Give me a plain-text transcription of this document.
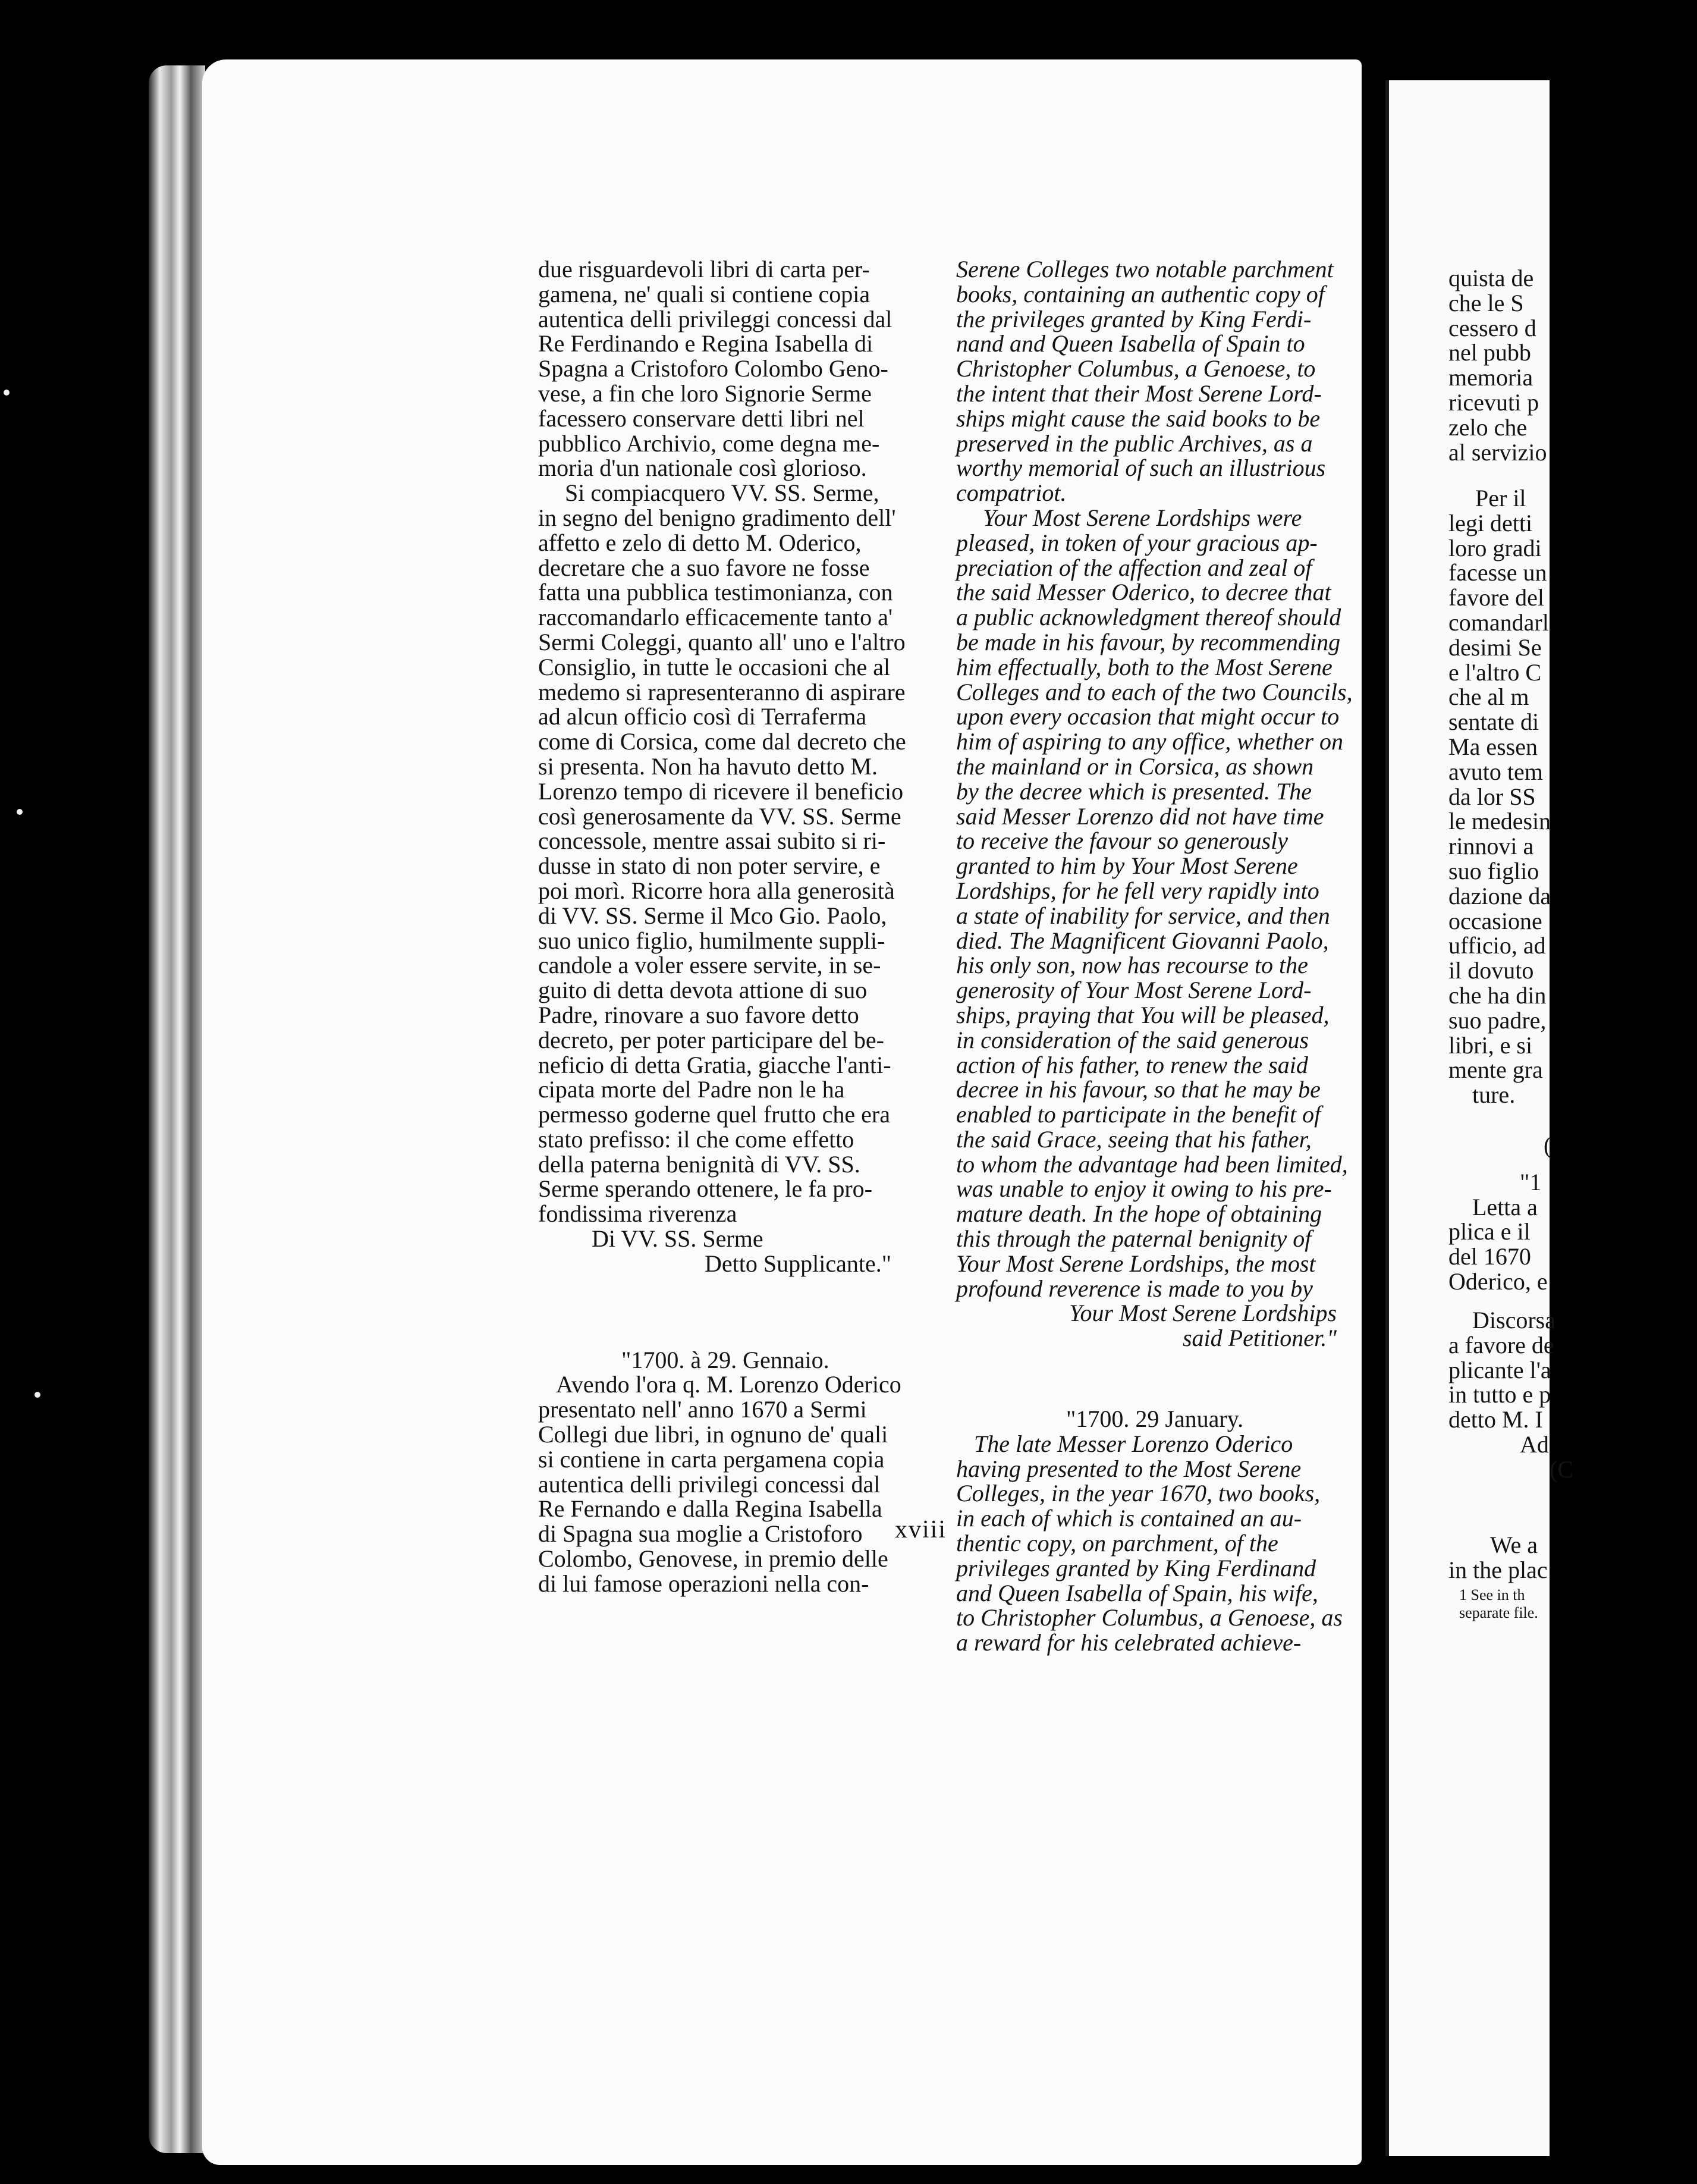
due risguardevoli libri di carta per-

gamena, ne' quali si contiene copia

autentica delli privileggi concessi dal

Re Ferdinando e Regina Isabella di

Spagna a Cristoforo Colombo Geno-

vese, a fin che loro Signorie Serme

facessero conservare detti libri nel

pubblico Archivio, come degna me-

moria d'un nationale così glorioso.

Si compiacquero VV. SS. Serme,

in segno del benigno gradimento dell'

affetto e zelo di detto M. Oderico,

decretare che a suo favore ne fosse

fatta una pubblica testimonianza, con

raccomandarlo efficacemente tanto a'

Sermi Coleggi, quanto all' uno e l'altro

Consiglio, in tutte le occasioni che al

medemo si rapresenteranno di aspirare

ad alcun officio così di Terraferma

come di Corsica, come dal decreto che

si presenta. Non ha havuto detto M.

Lorenzo tempo di ricevere il beneficio

così generosamente da VV. SS. Serme

concessole, mentre assai subito si ri-

dusse in stato di non poter servire, e

poi morì. Ricorre hora alla generosità

di VV. SS. Serme il Mco Gio. Paolo,

suo unico figlio, humilmente suppli-

candole a voler essere servite, in se-

guito di detta devota attione di suo

Padre, rinovare a suo favore detto

decreto, per poter participare del be-

neficio di detta Gratia, giacche l'anti-

cipata morte del Padre non le ha

permesso goderne quel frutto che era

stato prefisso: il che come effetto

della paterna benignità di VV. SS.

Serme sperando ottenere, le fa pro-

fondissima riverenza

Di VV. SS. Serme

Detto Supplicante."

"1700. à 29. Gennaio.

Avendo l'ora q. M. Lorenzo Oderico

presentato nell' anno 1670 a Sermi

Collegi due libri, in ognuno de' quali

si contiene in carta pergamena copia

autentica delli privilegi concessi dal

Re Fernando e dalla Regina Isabella

di Spagna sua moglie a Cristoforo

Colombo, Genovese, in premio delle

di lui famose operazioni nella con-

Serene Colleges two notable parchment

books, containing an authentic copy of

the privileges granted by King Ferdi-

nand and Queen Isabella of Spain to

Christopher Columbus, a Genoese, to

the intent that their Most Serene Lord-

ships might cause the said books to be

preserved in the public Archives, as a

worthy memorial of such an illustrious

compatriot.

Your Most Serene Lordships were

pleased, in token of your gracious ap-

preciation of the affection and zeal of

the said Messer Oderico, to decree that

a public acknowledgment thereof should

be made in his favour, by recommending

him effectually, both to the Most Serene

Colleges and to each of the two Councils,

upon every occasion that might occur to

him of aspiring to any office, whether on

the mainland or in Corsica, as shown

by the decree which is presented. The

said Messer Lorenzo did not have time

to receive the favour so generously

granted to him by Your Most Serene

Lordships, for he fell very rapidly into

a state of inability for service, and then

died. The Magnificent Giovanni Paolo,

his only son, now has recourse to the

generosity of Your Most Serene Lord-

ships, praying that You will be pleased,

in consideration of the said generous

action of his father, to renew the said

decree in his favour, so that he may be

enabled to participate in the benefit of

the said Grace, seeing that his father,

to whom the advantage had been limited,

was unable to enjoy it owing to his pre-

mature death. In the hope of obtaining

this through the paternal benignity of

Your Most Serene Lordships, the most

profound reverence is made to you by

Your Most Serene Lordships

said Petitioner."

"1700. 29 January.

The late Messer Lorenzo Oderico

having presented to the Most Serene

Colleges, in the year 1670, two books,

in each of which is contained an au-

thentic copy, on parchment, of the

privileges granted by King Ferdinand

and Queen Isabella of Spain, his wife,

to Christopher Columbus, a Genoese, as

a reward for his celebrated achieve-

xviii

quista de

che le S

cessero d

nel pubb

memoria

ricevuti p

zelo che

al servizio

Per il

legi detti

loro gradi

facesse un

favore del

comandarl

desimi Se

e l'altro C

che al m

sentate di

Ma essen

avuto tem

da lor SS

le medesin

rinnovi a

suo figlio

dazione da

occasione

ufficio, ad

il dovuto

che ha din

suo padre,

libri, e si

mente gra

ture.

(

"1

Letta a

plica e il

del 1670

Oderico, e

Discorsa

a favore de

plicante l'a

in tutto e p

detto M. I

Ad

(C

We a

in the plac

1 See in th

separate file.
